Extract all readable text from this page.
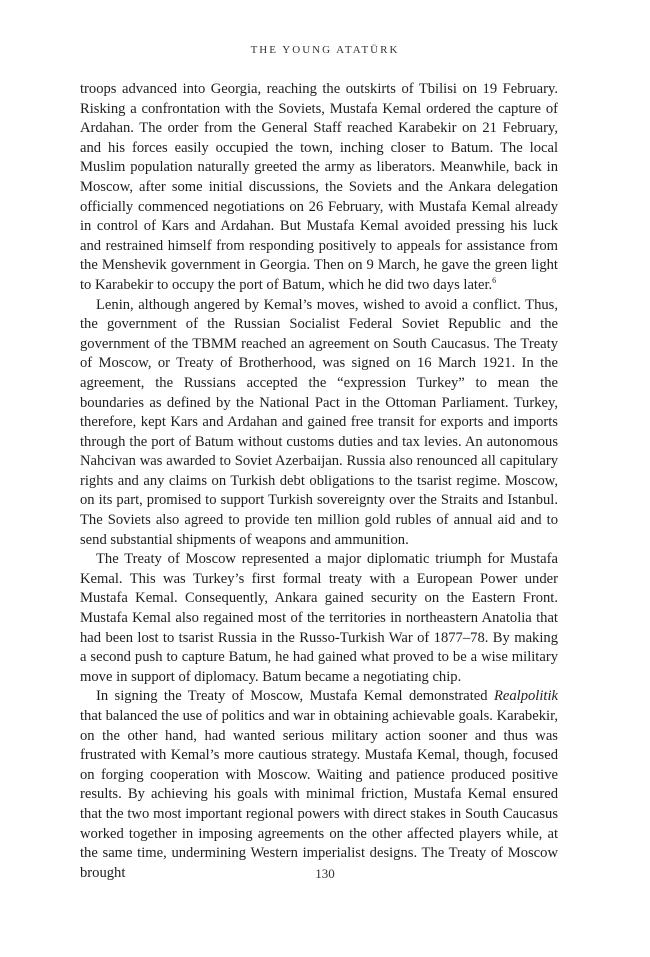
THE YOUNG ATATÜRK

troops advanced into Georgia, reaching the outskirts of Tbilisi on 19 February. Risking a confrontation with the Soviets, Mustafa Kemal ordered the capture of Ardahan. The order from the General Staff reached Karabekir on 21 February, and his forces easily occupied the town, inching closer to Batum. The local Muslim population naturally greeted the army as liberators. Meanwhile, back in Moscow, after some initial discussions, the Soviets and the Ankara delegation officially commenced negotiations on 26 February, with Mustafa Kemal already in control of Kars and Ardahan. But Mustafa Kemal avoided pressing his luck and restrained himself from responding positively to appeals for assistance from the Menshevik government in Georgia. Then on 9 March, he gave the green light to Karabekir to occupy the port of Batum, which he did two days later.$^6$

Lenin, although angered by Kemal’s moves, wished to avoid a conflict. Thus, the government of the Russian Socialist Federal Soviet Republic and the government of the TBMM reached an agreement on South Caucasus. The Treaty of Moscow, or Treaty of Brotherhood, was signed on 16 March 1921. In the agreement, the Russians accepted the “expression Turkey” to mean the boundaries as defined by the National Pact in the Ottoman Parliament. Turkey, therefore, kept Kars and Ardahan and gained free transit for exports and imports through the port of Batum without customs duties and tax levies. An autonomous Nahcivan was awarded to Soviet Azerbaijan. Russia also renounced all capitulary rights and any claims on Turkish debt obligations to the tsarist regime. Moscow, on its part, promised to support Turkish sovereignty over the Straits and Istanbul. The Soviets also agreed to provide ten million gold rubles of annual aid and to send substantial shipments of weapons and ammunition.

The Treaty of Moscow represented a major diplomatic triumph for Mustafa Kemal. This was Turkey’s first formal treaty with a European Power under Mustafa Kemal. Consequently, Ankara gained security on the Eastern Front. Mustafa Kemal also regained most of the territories in northeastern Anatolia that had been lost to tsarist Russia in the Russo-Turkish War of 1877–78. By making a second push to capture Batum, he had gained what proved to be a wise military move in support of diplomacy. Batum became a negotiating chip.

In signing the Treaty of Moscow, Mustafa Kemal demonstrated Realpolitik that balanced the use of politics and war in obtaining achievable goals. Karabekir, on the other hand, had wanted serious military action sooner and thus was frustrated with Kemal’s more cautious strategy. Mustafa Kemal, though, focused on forging cooperation with Moscow. Waiting and patience produced positive results. By achieving his goals with minimal friction, Mustafa Kemal ensured that the two most important regional powers with direct stakes in South Caucasus worked together in imposing agreements on the other affected players while, at the same time, undermining Western imperialist designs. The Treaty of Moscow brought	130
